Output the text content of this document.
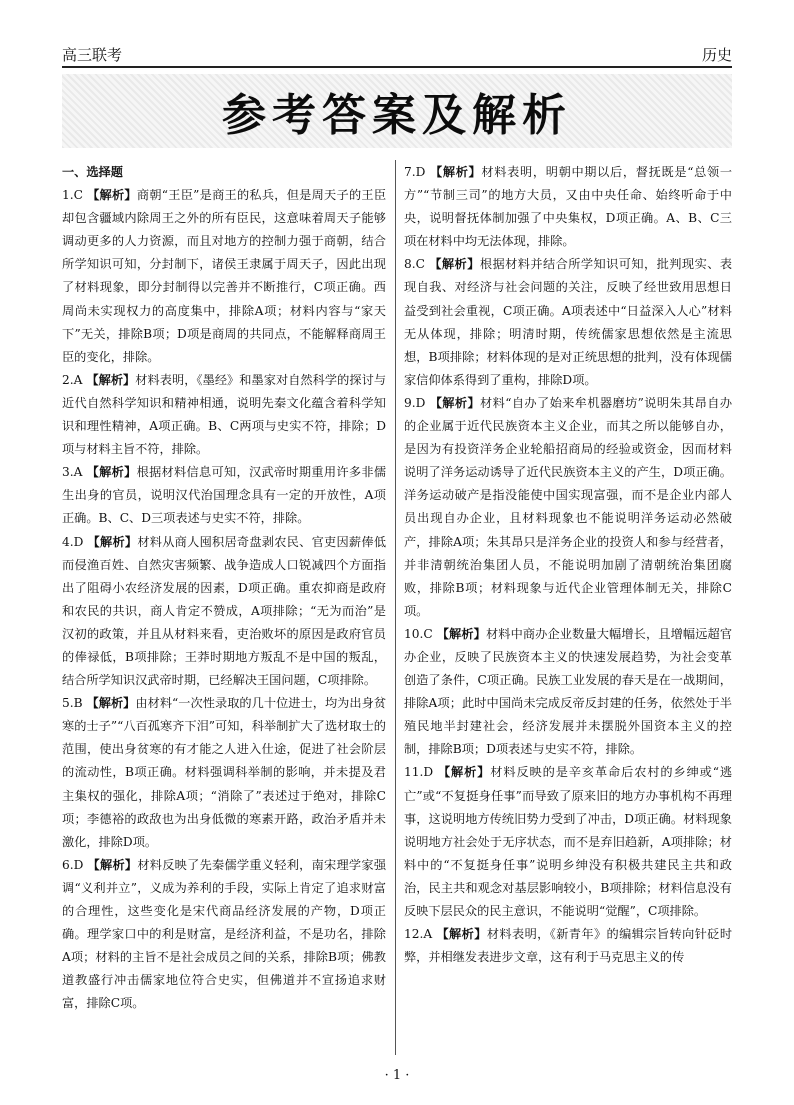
高三联考	历史
参考答案及解析
一、选择题

1.C 【解析】商朝“王臣”是商王的私兵，但是周天子的王臣却包含疆域内除周王之外的所有臣民，这意味着周天子能够调动更多的人力资源，而且对地方的控制力强于商朝，结合所学知识可知，分封制下，诸侯王隶属于周天子，因此出现了材料现象，即分封制得以完善并不断推行，C项正确。西周尚未实现权力的高度集中，排除A项；材料内容与“家天下”无关，排除B项；D项是商周的共同点，不能解释商周王臣的变化，排除。

2.A 【解析】材料表明，《墨经》和墨家对自然科学的探讨与近代自然科学知识和精神相通，说明先秦文化蕴含着科学知识和理性精神，A项正确。B、C两项与史实不符，排除；D项与材料主旨不符，排除。

3.A 【解析】根据材料信息可知，汉武帝时期重用许多非儒生出身的官员，说明汉代治国理念具有一定的开放性，A项正确。B、C、D三项表述与史实不符，排除。

4.D 【解析】材料从商人囤积居奇盘剥农民、官吏因薪俸低而侵渔百姓、自然灾害频繁、战争造成人口锐减四个方面指出了阻碍小农经济发展的因素，D项正确。重农抑商是政府和农民的共识，商人肯定不赞成，A项排除；“无为而治”是汉初的政策，并且从材料来看，吏治败坏的原因是政府官员的俸禄低，B项排除；王莽时期地方叛乱不是中国的叛乱，结合所学知识汉武帝时期，已经解决王国问题，C项排除。

5.B 【解析】由材料“一次性录取的几十位进士，均为出身贫寒的士子”“八百孤寒齐下泪”可知，科举制扩大了选材取士的范围，使出身贫寒的有才能之人进入仕途，促进了社会阶层的流动性，B项正确。材料强调科举制的影响，并未提及君主集权的强化，排除A项；“消除了”表述过于绝对，排除C项；李德裕的政敌也为出身低微的寒素开路，政治矛盾并未激化，排除D项。

6.D 【解析】材料反映了先秦儒学重义轻利，南宋理学家强调“义利并立”，义成为养利的手段，实际上肯定了追求财富的合理性，这些变化是宋代商品经济发展的产物，D项正确。理学家口中的利是财富，是经济利益，不是功名，排除A项；材料的主旨不是社会成员之间的关系，排除B项；佛教道教盛行冲击儒家地位符合史实，但佛道并不宣扬追求财富，排除C项。

7.D 【解析】材料表明，明朝中期以后，督抚既是“总领一方”“节制三司”的地方大员，又由中央任命、始终听命于中央，说明督抚体制加强了中央集权，D项正确。A、B、C三项在材料中均无法体现，排除。

8.C 【解析】根据材料并结合所学知识可知，批判现实、表现自我、对经济与社会问题的关注，反映了经世致用思想日益受到社会重视，C项正确。A项表述中“日益深入人心”材料无从体现，排除；明清时期，传统儒家思想依然是主流思想，B项排除；材料体现的是对正统思想的批判，没有体现儒家信仰体系得到了重构，排除D项。

9.D 【解析】材料“自办了始来牟机器磨坊”说明朱其昂自办的企业属于近代民族资本主义企业，而其之所以能够自办，是因为有投资洋务企业轮船招商局的经验或资金，因而材料说明了洋务运动诱导了近代民族资本主义的产生，D项正确。洋务运动破产是指没能使中国实现富强，而不是企业内部人员出现自办企业，且材料现象也不能说明洋务运动必然破产，排除A项；朱其昂只是洋务企业的投资人和参与经营者，并非清朝统治集团人员，不能说明加剧了清朝统治集团腐败，排除B项；材料现象与近代企业管理体制无关，排除C项。

10.C 【解析】材料中商办企业数量大幅增长，且增幅远超官办企业，反映了民族资本主义的快速发展趋势，为社会变革创造了条件，C项正确。民族工业发展的春天是在一战期间，排除A项；此时中国尚未完成反帝反封建的任务，依然处于半殖民地半封建社会，经济发展并未摆脱外国资本主义的控制，排除B项；D项表述与史实不符，排除。

11.D 【解析】材料反映的是辛亥革命后农村的乡绅或“逃亡”或“不复挺身任事”而导致了原来旧的地方办事机构不再理事，这说明地方传统旧势力受到了冲击，D项正确。材料现象说明地方社会处于无序状态，而不是弃旧趋新，A项排除；材料中的“不复挺身任事”说明乡绅没有积极共建民主共和政治，民主共和观念对基层影响较小，B项排除；材料信息没有反映下层民众的民主意识，不能说明“觉醒”，C项排除。

12.A 【解析】材料表明，《新青年》的编辑宗旨转向针砭时弊，并相继发表进步文章，这有利于马克思主义的传

· 1 ·
